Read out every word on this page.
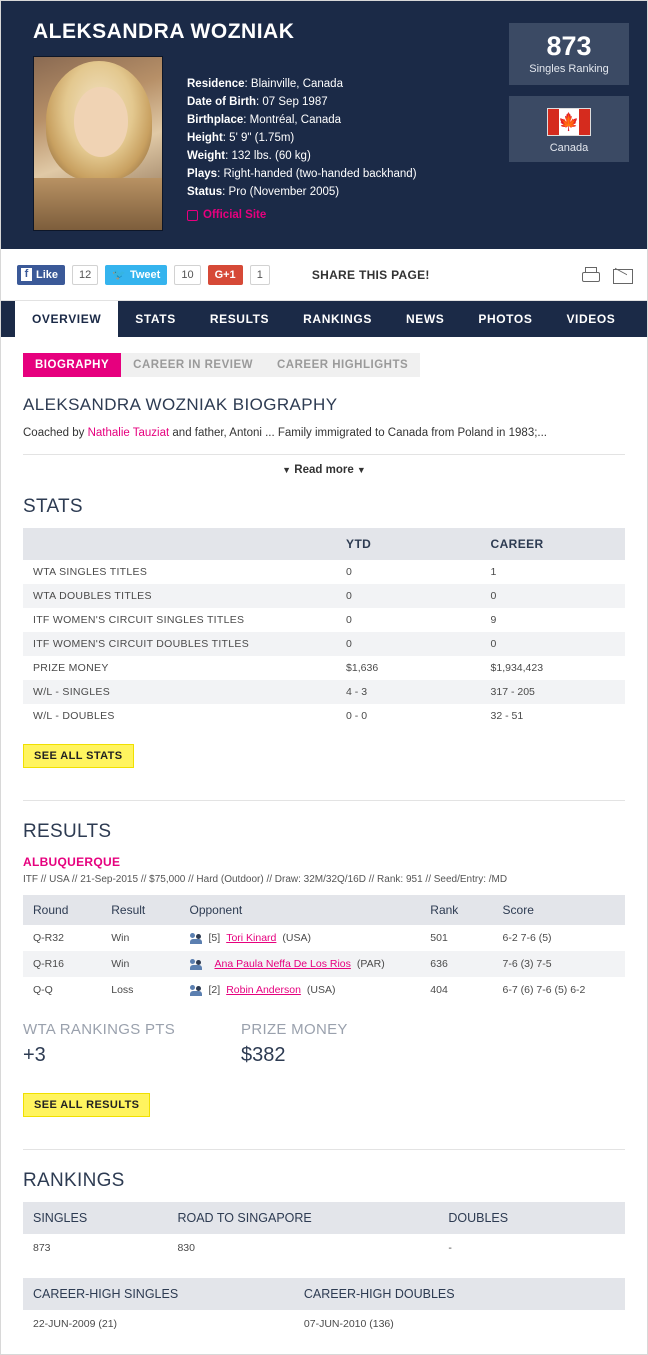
ALEKSANDRA WOZNIAK
Residence: Blainville, Canada
Date of Birth: 07 Sep 1987
Birthplace: Montréal, Canada
Height: 5' 9" (1.75m)
Weight: 132 lbs. (60 kg)
Plays: Right-handed (two-handed backhand)
Status: Pro (November 2005)
Official Site
873
Singles Ranking
🍁
Canada
f Like	12	🐦 Tweet	10	G+1	1	SHARE THIS PAGE!
OVERVIEW	STATS	RESULTS	RANKINGS	NEWS	PHOTOS	VIDEOS
BIOGRAPHY	CAREER IN REVIEW	CAREER HIGHLIGHTS
ALEKSANDRA WOZNIAK BIOGRAPHY
Coached by Nathalie Tauziat and father, Antoni ... Family immigrated to Canada from Poland in 1983;...
▼ Read more ▼
STATS
	YTD	CAREER
WTA SINGLES TITLES	0	1
WTA DOUBLES TITLES	0	0
ITF WOMEN'S CIRCUIT SINGLES TITLES	0	9
ITF WOMEN'S CIRCUIT DOUBLES TITLES	0	0
PRIZE MONEY	$1,636	$1,934,423
W/L - SINGLES	4 - 3	317 - 205
W/L - DOUBLES	0 - 0	32 - 51
SEE ALL STATS
RESULTS
ALBUQUERQUE
ITF // USA // 21-Sep-2015 // $75,000 // Hard (Outdoor) // Draw: 32M/32Q/16D // Rank: 951 // Seed/Entry: /MD
Round	Result	Opponent	Rank	Score
Q-R32	Win	[5] Tori Kinard (USA)	501	6-2 7-6 (5)
Q-R16	Win	Ana Paula Neffa De Los Rios (PAR)	636	7-6 (3) 7-5
Q-Q	Loss	[2] Robin Anderson (USA)	404	6-7 (6) 7-6 (5) 6-2
WTA RANKINGS PTS
+3
PRIZE MONEY
$382
SEE ALL RESULTS
RANKINGS
SINGLES	ROAD TO SINGAPORE	DOUBLES
873	830	-
CAREER-HIGH SINGLES	CAREER-HIGH DOUBLES
22-JUN-2009 (21)	07-JUN-2010 (136)
